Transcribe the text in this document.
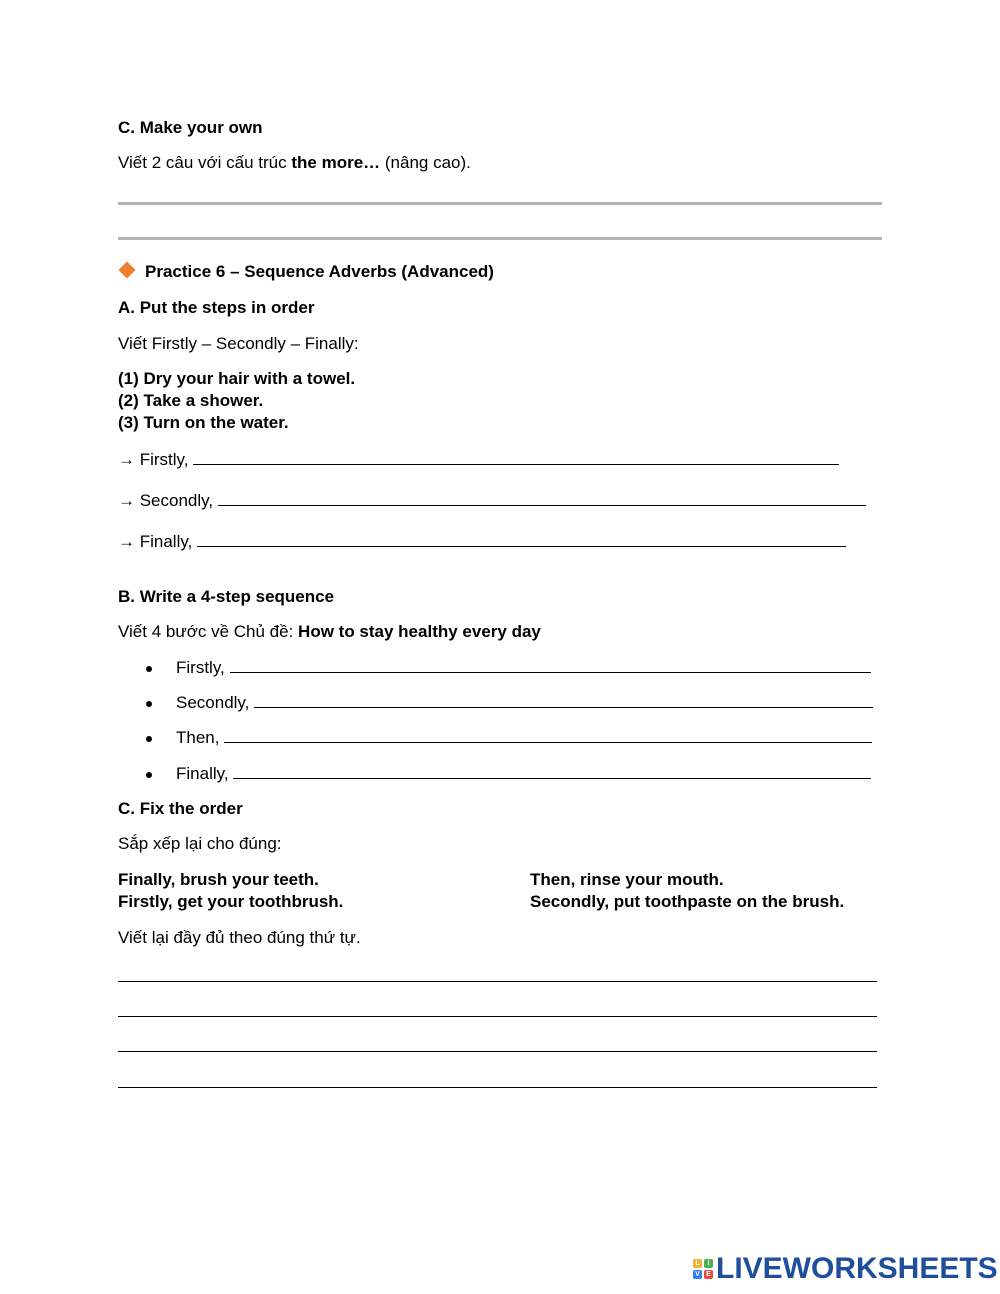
C. Make your own
Viết 2 câu với cấu trúc the more… (nâng cao).
Practice 6 – Sequence Adverbs (Advanced)
A. Put the steps in order
Viết Firstly – Secondly – Finally:
(1) Dry your hair with a towel.
(2) Take a shower.
(3) Turn on the water.
→ Firstly,
→ Secondly,
→ Finally,
B. Write a 4-step sequence
Viết 4 bước về Chủ đề: How to stay healthy every day
Firstly,
Secondly,
Then,
Finally,
C. Fix the order
Sắp xếp lại cho đúng:
Finally, brush your teeth.
Firstly, get your toothbrush.
Then, rinse your mouth.
Secondly, put toothpaste on the brush.
Viết lại đầy đủ theo đúng thứ tự.
L	I
V E LIVEWORKSHEETS
